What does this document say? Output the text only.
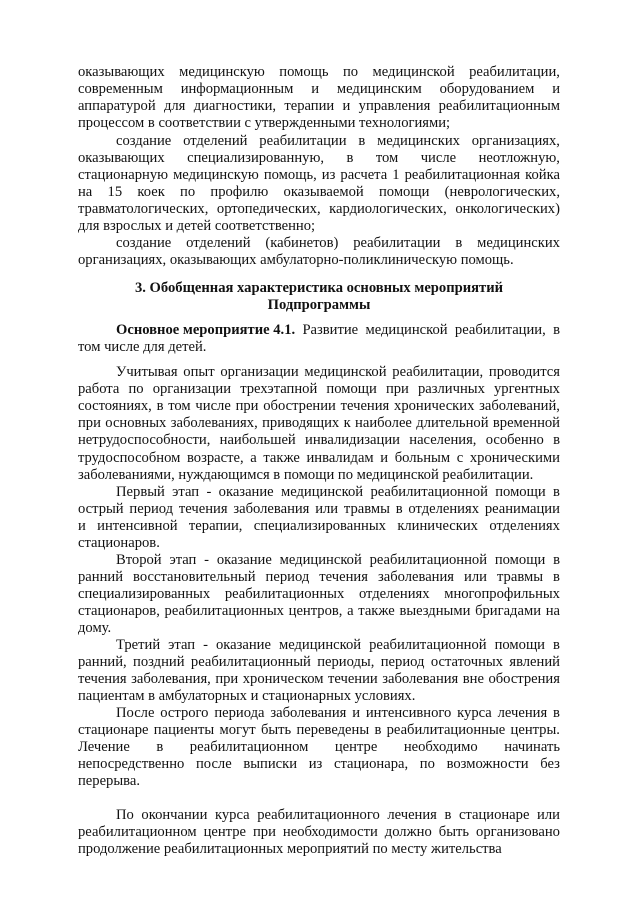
оказывающих медицинскую помощь по медицинской реабилитации,
современным информационным и медицинским оборудованием и
аппаратурой для диагностики, терапии и управления реабилитационным
процессом в соответствии с утвержденными технологиями;
создание отделений реабилитации в медицинских организациях,
оказывающих специализированную, в том числе неотложную,
стационарную медицинскую помощь, из расчета 1 реабилитационная койка
на 15 коек по профилю оказываемой помощи (неврологических,
травматологических, ортопедических, кардиологических, онкологических)
для взрослых и детей соответственно;
создание отделений (кабинетов) реабилитации в медицинских
организациях, оказывающих амбулаторно-поликлиническую помощь.
3. Обобщенная характеристика основных мероприятий
Подпрограммы
Основное мероприятие 4.1. Развитие медицинской реабилитации, в
том числе для детей.
Учитывая опыт организации медицинской реабилитации, проводится
работа по организации трехэтапной помощи при различных ургентных
состояниях, в том числе при обострении течения хронических заболеваний,
при основных заболеваниях, приводящих к наиболее длительной временной
нетрудоспособности, наибольшей инвалидизации населения, особенно в
трудоспособном возрасте, а также инвалидам и больным с хроническими
заболеваниями, нуждающимся в помощи по медицинской реабилитации.
Первый этап - оказание медицинской реабилитационной помощи в
острый период течения заболевания или травмы в отделениях реанимации
и интенсивной терапии, специализированных клинических отделениях
стационаров.
Второй этап - оказание медицинской реабилитационной помощи в
ранний восстановительный период течения заболевания или травмы в
специализированных реабилитационных отделениях многопрофильных
стационаров, реабилитационных центров, а также выездными бригадами на
дому.
Третий этап - оказание медицинской реабилитационной помощи в
ранний, поздний реабилитационный периоды, период остаточных явлений
течения заболевания, при хроническом течении заболевания вне обострения
пациентам в амбулаторных и стационарных условиях.
После острого периода заболевания и интенсивного курса лечения в
стационаре пациенты могут быть переведены в реабилитационные центры.
Лечение в реабилитационном центре необходимо начинать
непосредственно после выписки из стационара, по возможности без
перерыва.
По окончании курса реабилитационного лечения в стационаре или
реабилитационном центре при необходимости должно быть организовано
продолжение реабилитационных мероприятий по месту жительства
